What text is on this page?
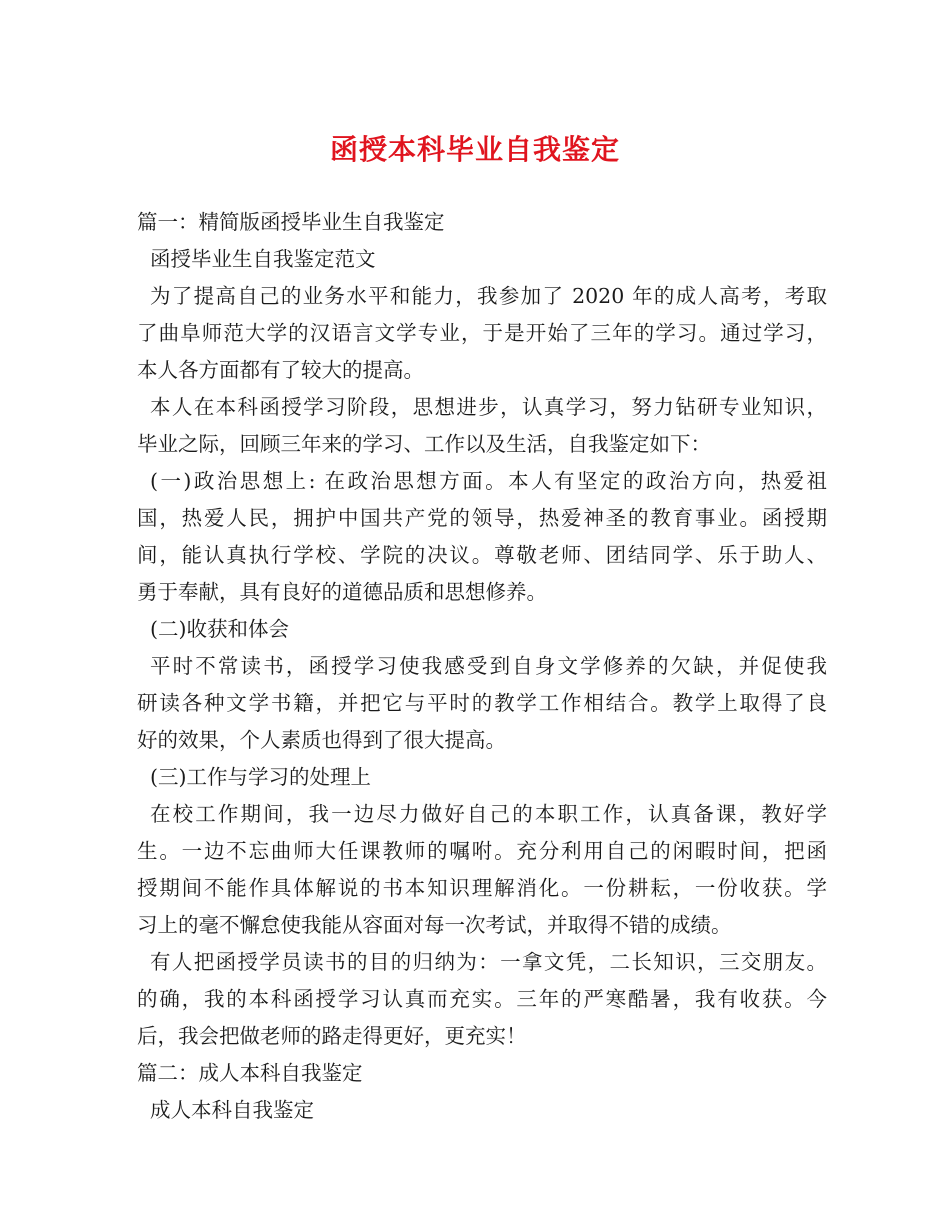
函授本科毕业自我鉴定
篇一：精简版函授毕业生自我鉴定
函授毕业生自我鉴定范文
为了提高自己的业务水平和能力，我参加了 2020 年的成人高考，考取
了曲阜师范大学的汉语言文学专业，于是开始了三年的学习。通过学习，
本人各方面都有了较大的提高。
本人在本科函授学习阶段，思想进步，认真学习，努力钻研专业知识，
毕业之际，回顾三年来的学习、工作以及生活，自我鉴定如下：
(一)政治思想上: 在政治思想方面。本人有坚定的政治方向，热爱祖
国，热爱人民，拥护中国共产党的领导，热爱神圣的教育事业。函授期
间，能认真执行学校、学院的决议。尊敬老师、团结同学、乐于助人、
勇于奉献，具有良好的道德品质和思想修养。
(二)收获和体会
平时不常读书，函授学习使我感受到自身文学修养的欠缺，并促使我
研读各种文学书籍，并把它与平时的教学工作相结合。教学上取得了良
好的效果，个人素质也得到了很大提高。
(三)工作与学习的处理上
在校工作期间，我一边尽力做好自己的本职工作，认真备课，教好学
生。一边不忘曲师大任课教师的嘱咐。充分利用自己的闲暇时间，把函
授期间不能作具体解说的书本知识理解消化。一份耕耘，一份收获。学
习上的毫不懈怠使我能从容面对每一次考试，并取得不错的成绩。
有人把函授学员读书的目的归纳为：一拿文凭，二长知识，三交朋友。
的确，我的本科函授学习认真而充实。三年的严寒酷暑，我有收获。今
后，我会把做老师的路走得更好，更充实！
篇二：成人本科自我鉴定
成人本科自我鉴定
